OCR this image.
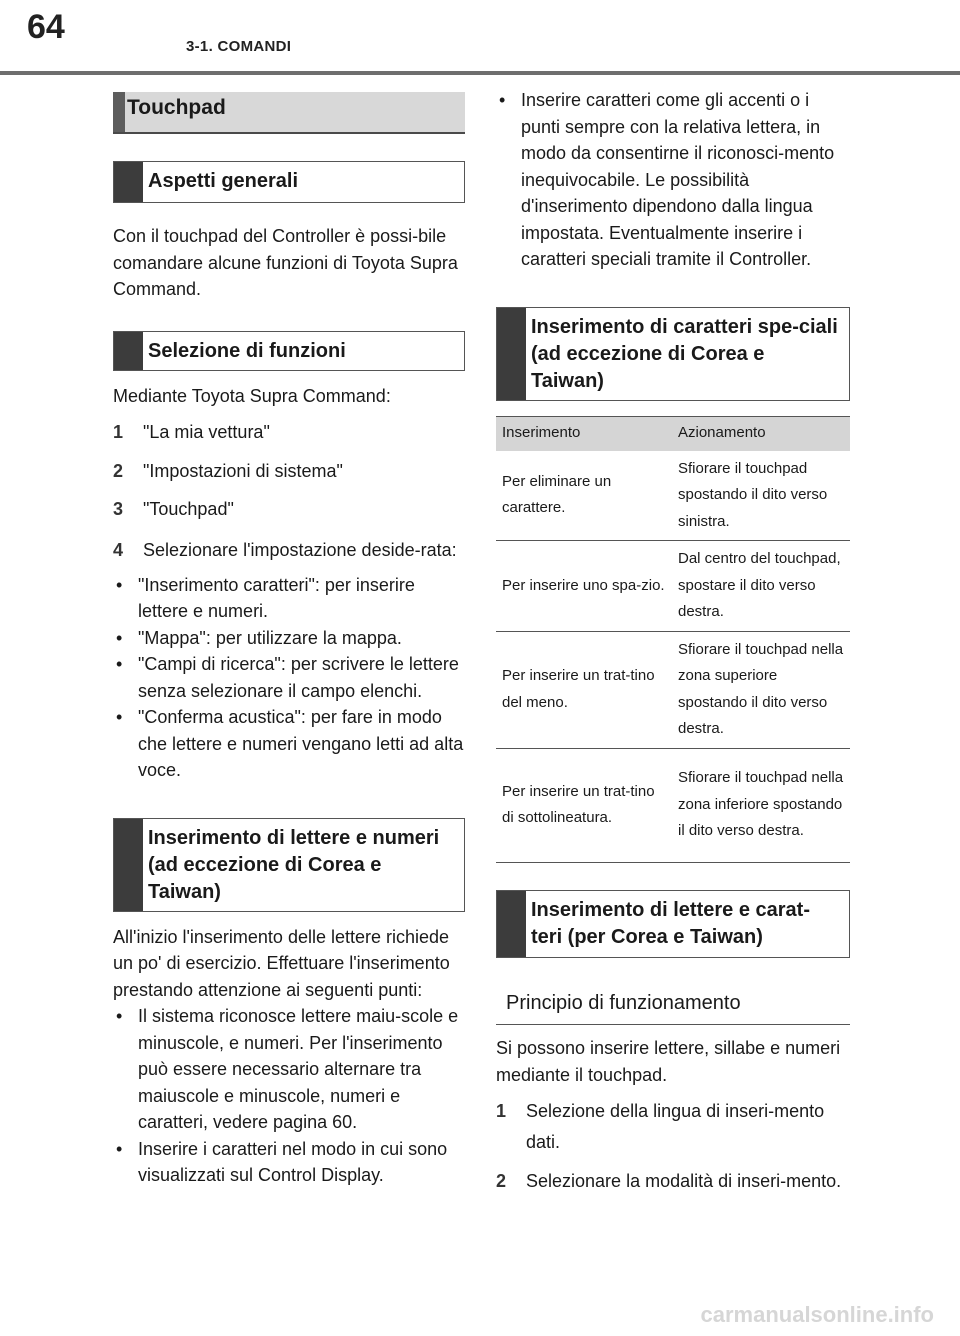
64
3-1. COMANDI
Touchpad
Aspetti generali

Con il touchpad del Controller è possi-bile comandare alcune funzioni di Toyota Supra Command.

Selezione di funzioni

Mediante Toyota Supra Command:

1 "La mia vettura"
2 "Impostazioni di sistema"
3 "Touchpad"
4 Selezionare l'impostazione deside-rata:
• "Inserimento caratteri": per inserire lettere e numeri.
• "Mappa": per utilizzare la mappa.
• "Campi di ricerca": per scrivere le lettere senza selezionare il campo elenchi.
• "Conferma acustica": per fare in modo che lettere e numeri vengano letti ad alta voce.
Inserimento di lettere e numeri (ad eccezione di Corea e Taiwan)

All'inizio l'inserimento delle lettere richiede un po' di esercizio. Effettuare l'inserimento prestando attenzione ai seguenti punti:

• Il sistema riconosce lettere maiu-scole e minuscole, e numeri. Per l'inserimento può essere necessario alternare tra maiuscole e minuscole, numeri e caratteri, vedere pagina 60.
• Inserire i caratteri nel modo in cui sono visualizzati sul Control Display.
• Inserire caratteri come gli accenti o i punti sempre con la relativa lettera, in modo da consentirne il riconosci-mento inequivocabile. Le possibilità d'inserimento dipendono dalla lingua impostata. Eventualmente inserire i caratteri speciali tramite il Controller.
Inserimento di caratteri spe-ciali (ad eccezione di Corea e Taiwan)
Inserimento	Azionamento
Per eliminare un carattere.	Sfiorare il touchpad spostando il dito verso sinistra.
Per inserire uno spa-zio.	Dal centro del touchpad, spostare il dito verso destra.
Per inserire un trat-tino del meno.	Sfiorare il touchpad nella zona superiore spostando il dito verso destra.
Per inserire un trat-tino di sottolineatura.	Sfiorare il touchpad nella zona inferiore spostando il dito verso destra.
Inserimento di lettere e carat-teri (per Corea e Taiwan)
Principio di funzionamento

Si possono inserire lettere, sillabe e numeri mediante il touchpad.

1 Selezione della lingua di inseri-mento dati.
2 Selezionare la modalità di inseri-mento.
carmanualsonline.info
